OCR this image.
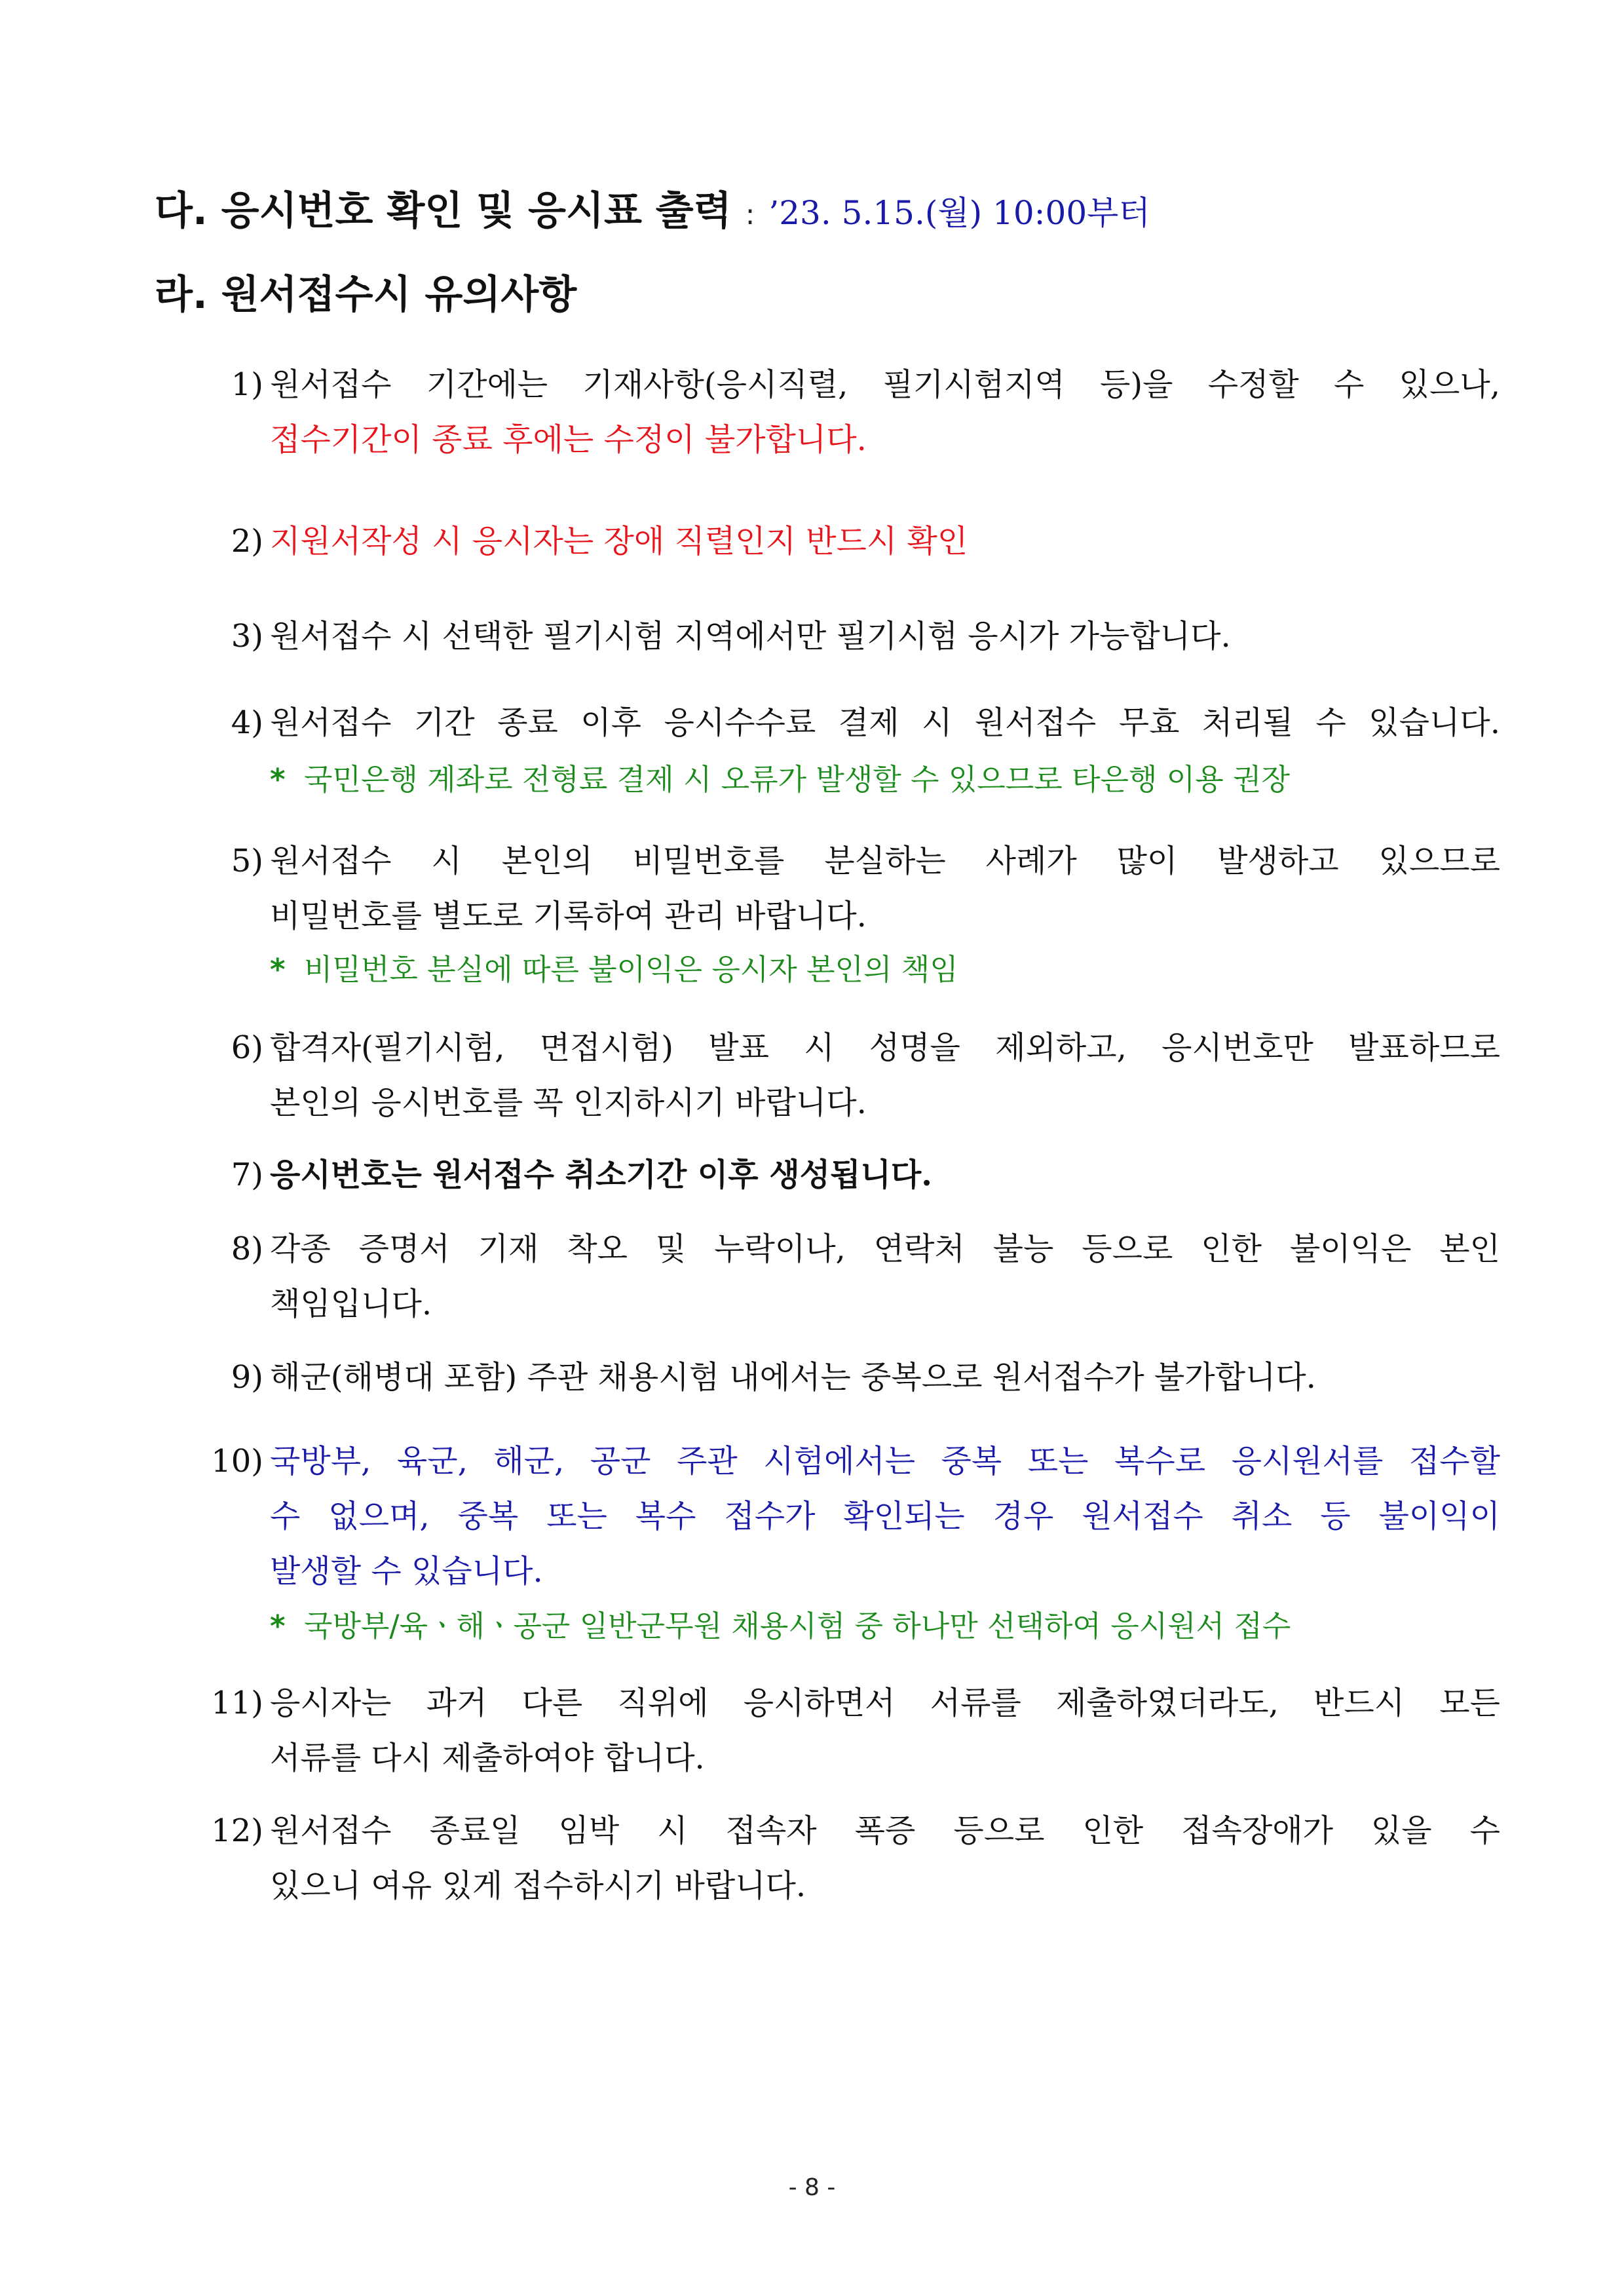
다. 응시번호 확인 및 응시표 출력 : ’23. 5.15.(월) 10:00부터
라. 원서접수시 유의사항
1) 원서접수 기간에는 기재사항(응시직렬, 필기시험지역 등)을 수정할 수 있으나,
접수기간이 종료 후에는 수정이 불가합니다.
2) 지원서작성 시 응시자는 장애 직렬인지 반드시 확인
3) 원서접수 시 선택한 필기시험 지역에서만 필기시험 응시가 가능합니다.
4) 원서접수 기간 종료 이후 응시수수료 결제 시 원서접수 무효 처리될 수 있습니다.
* 국민은행 계좌로 전형료 결제 시 오류가 발생할 수 있으므로 타은행 이용 권장
5) 원서접수 시 본인의 비밀번호를 분실하는 사례가 많이 발생하고 있으므로
비밀번호를 별도로 기록하여 관리 바랍니다.
* 비밀번호 분실에 따른 불이익은 응시자 본인의 책임
6) 합격자(필기시험, 면접시험) 발표 시 성명을 제외하고, 응시번호만 발표하므로
본인의 응시번호를 꼭 인지하시기 바랍니다.
7) 응시번호는 원서접수 취소기간 이후 생성됩니다.
8) 각종 증명서 기재 착오 및 누락이나, 연락처 불능 등으로 인한 불이익은 본인
책임입니다.
9) 해군(해병대 포함) 주관 채용시험 내에서는 중복으로 원서접수가 불가합니다.
10) 국방부, 육군, 해군, 공군 주관 시험에서는 중복 또는 복수로 응시원서를 접수할
수 없으며, 중복 또는 복수 접수가 확인되는 경우 원서접수 취소 등 불이익이
발생할 수 있습니다.
* 국방부/육ㆍ해ㆍ공군 일반군무원 채용시험 중 하나만 선택하여 응시원서 접수
11) 응시자는 과거 다른 직위에 응시하면서 서류를 제출하였더라도, 반드시 모든
서류를 다시 제출하여야 합니다.
12) 원서접수 종료일 임박 시 접속자 폭증 등으로 인한 접속장애가 있을 수
있으니 여유 있게 접수하시기 바랍니다.
- 8 -
